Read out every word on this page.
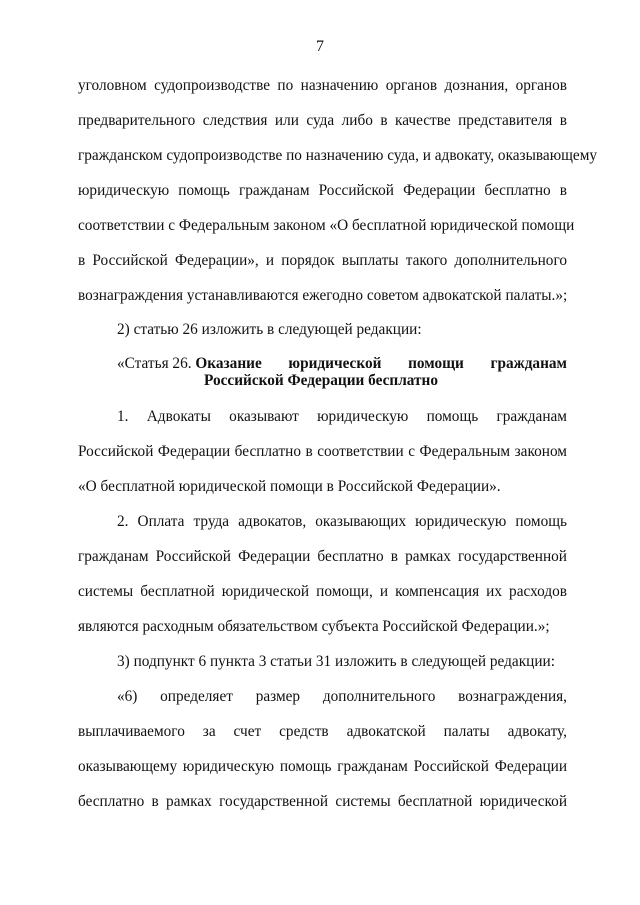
7
уголовном судопроизводстве по назначению органов дознания, органов
предварительного следствия или суда либо в качестве представителя в
гражданском судопроизводстве по назначению суда, и адвокату, оказывающему
юридическую помощь гражданам Российской Федерации бесплатно в
соответствии с Федеральным законом «О бесплатной юридической помощи
в Российской Федерации», и порядок выплаты такого дополнительного
вознаграждения устанавливаются ежегодно советом адвокатской палаты.»;
2) статью 26 изложить в следующей редакции:
«Статья 26. Оказание юридической помощи гражданам
Российской Федерации бесплатно
1. Адвокаты оказывают юридическую помощь гражданам
Российской Федерации бесплатно в соответствии с Федеральным законом
«О бесплатной юридической помощи в Российской Федерации».
2. Оплата труда адвокатов, оказывающих юридическую помощь
гражданам Российской Федерации бесплатно в рамках государственной
системы бесплатной юридической помощи, и компенсация их расходов
являются расходным обязательством субъекта Российской Федерации.»;
3) подпункт 6 пункта 3 статьи 31 изложить в следующей редакции:
«6) определяет размер дополнительного вознаграждения,
выплачиваемого за счет средств адвокатской палаты адвокату,
оказывающему юридическую помощь гражданам Российской Федерации
бесплатно в рамках государственной системы бесплатной юридической
